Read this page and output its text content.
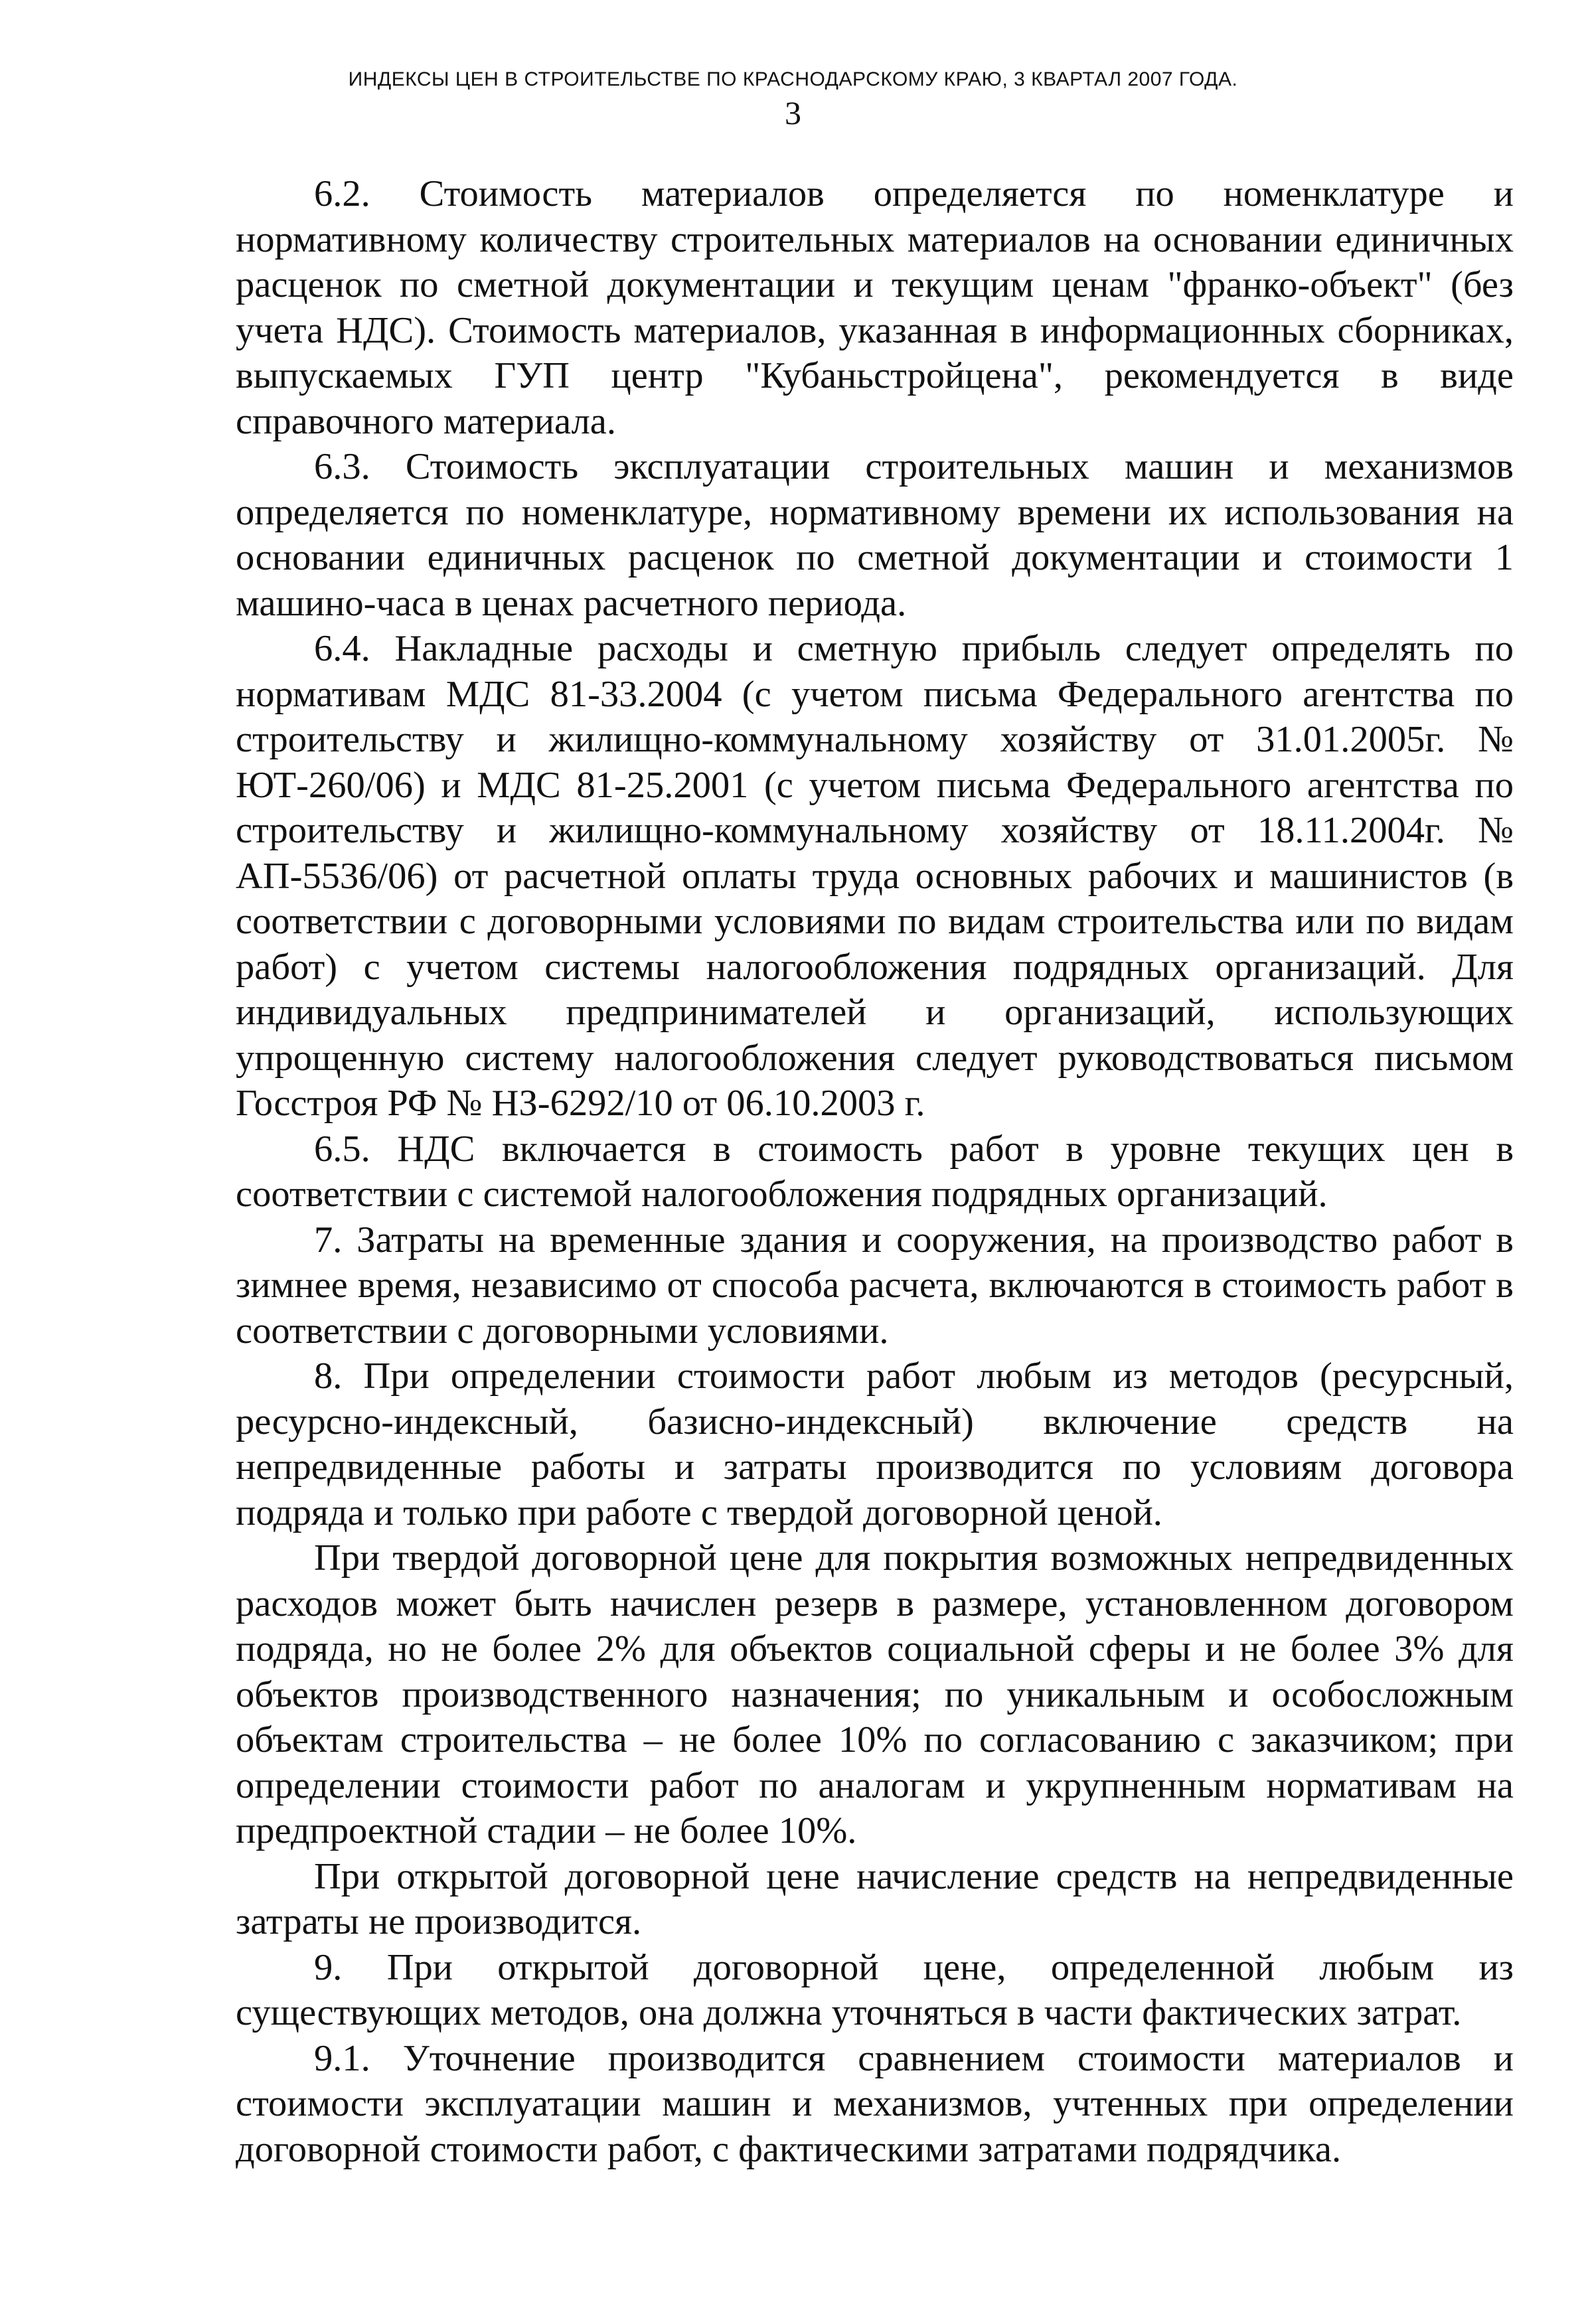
ИНДЕКСЫ ЦЕН В СТРОИТЕЛЬСТВЕ ПО КРАСНОДАРСКОМУ КРАЮ, 3 КВАРТАЛ 2007 ГОДА.
3

6.2. Стоимость материалов определяется по номенклатуре и нормативному количеству строительных материалов на основании единичных расценок по сметной документации и текущим ценам "франко-объект" (без учета НДС). Стоимость материалов, указанная в информационных сборниках, выпускаемых ГУП центр "Кубаньстройцена", рекомендуется в виде справочного материала.

6.3. Стоимость эксплуатации строительных машин и механизмов определяется по номенклатуре, нормативному времени их использования на основании единичных расценок по сметной документации и стоимости 1 машино-часа в ценах расчетного периода.

6.4. Накладные расходы и сметную прибыль следует определять по нормативам МДС 81-33.2004 (с учетом письма Федерального агентства по строительству и жилищно-коммунальному хозяйству от 31.01.2005г. № ЮТ-260/06) и МДС 81-25.2001 (с учетом письма Федерального агентства по строительству и жилищно-коммунальному хозяйству от 18.11.2004г. № АП-5536/06) от расчетной оплаты труда основных рабочих и машинистов (в соответствии с договорными условиями по видам строительства или по видам работ) с учетом системы налогообложения подрядных организаций. Для индивидуальных предпринимателей и организаций, использующих упрощенную систему налогообложения следует руководствоваться письмом Госстроя РФ № НЗ-6292/10 от 06.10.2003 г.

6.5. НДС включается в стоимость работ в уровне текущих цен в соответствии с системой налогообложения подрядных организаций.

7. Затраты на временные здания и сооружения, на производство работ в зимнее время, независимо от способа расчета, включаются в стоимость работ в соответствии с договорными условиями.

8. При определении стоимости работ любым из методов (ресурсный, ресурсно-индексный, базисно-индексный) включение средств на непредвиденные работы и затраты производится по условиям договора подряда и только при работе с твердой договорной ценой.

При твердой договорной цене для покрытия возможных непредвиденных расходов может быть начислен резерв в размере, установленном договором подряда, но не более 2% для объектов социальной сферы и не более 3% для объектов производственного назначения; по уникальным и особосложным объектам строительства – не более 10% по согласованию с заказчиком; при определении стоимости работ по аналогам и укрупненным нормативам на предпроектной стадии – не более 10%.

При открытой договорной цене начисление средств на непредвиденные затраты не производится.

9. При открытой договорной цене, определенной любым из существующих методов, она должна уточняться в части фактических затрат.

9.1. Уточнение производится сравнением стоимости материалов и стоимости эксплуатации машин и механизмов, учтенных при определении договорной стоимости работ, с фактическими затратами подрядчика.
